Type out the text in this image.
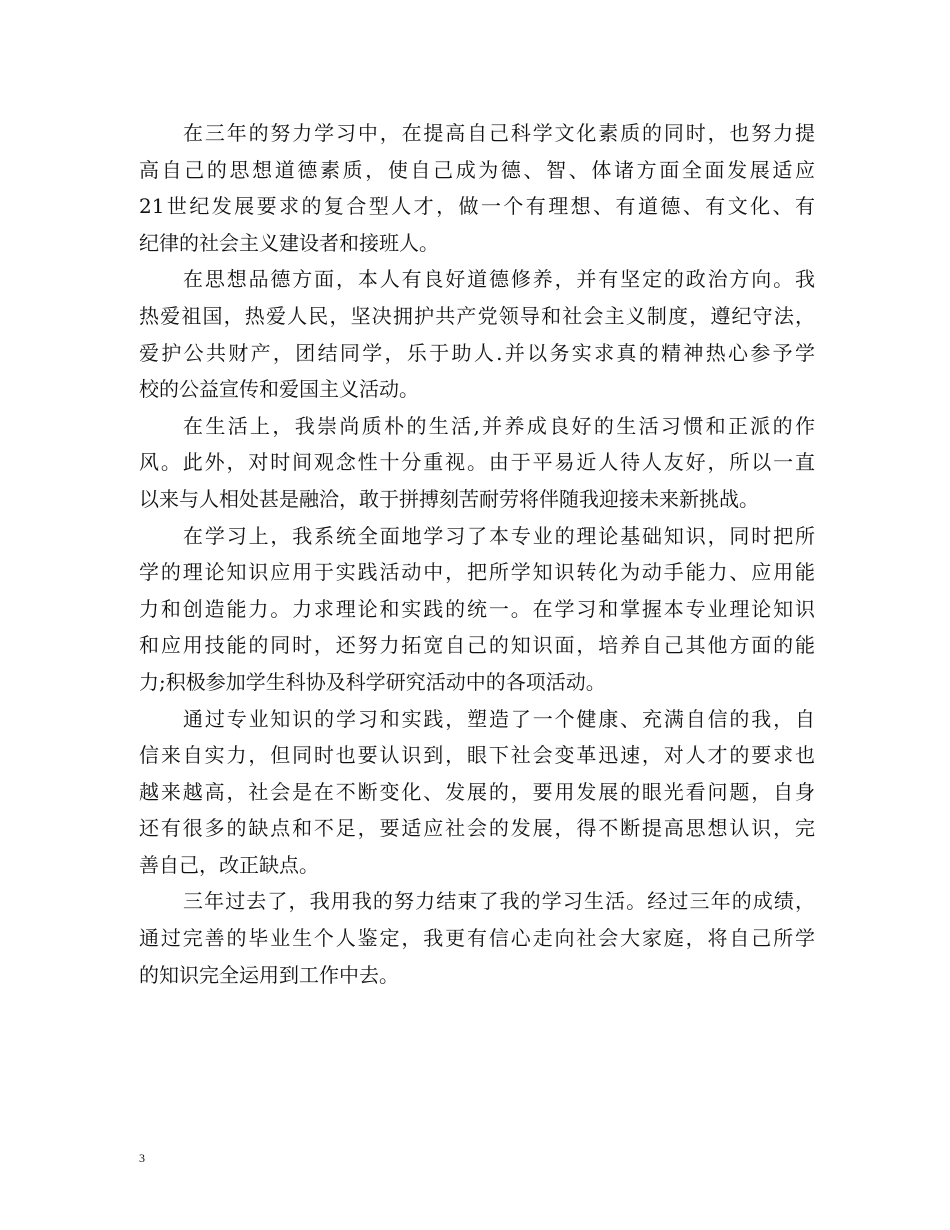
在三年的努力学习中，在提高自己科学文化素质的同时，也努力提
高自己的思想道德素质，使自己成为德、智、体诸方面全面发展适应
21世纪发展要求的复合型人才，做一个有理想、有道德、有文化、有
纪律的社会主义建设者和接班人。
在思想品德方面，本人有良好道德修养，并有坚定的政治方向。我
热爱祖国，热爱人民，坚决拥护共产党领导和社会主义制度，遵纪守法，
爱护公共财产，团结同学，乐于助人.并以务实求真的精神热心参予学
校的公益宣传和爱国主义活动。
在生活上，我崇尚质朴的生活,并养成良好的生活习惯和正派的作
风。此外，对时间观念性十分重视。由于平易近人待人友好，所以一直
以来与人相处甚是融洽，敢于拼搏刻苦耐劳将伴随我迎接未来新挑战。
在学习上，我系统全面地学习了本专业的理论基础知识，同时把所
学的理论知识应用于实践活动中，把所学知识转化为动手能力、应用能
力和创造能力。力求理论和实践的统一。在学习和掌握本专业理论知识
和应用技能的同时，还努力拓宽自己的知识面，培养自己其他方面的能
力;积极参加学生科协及科学研究活动中的各项活动。
通过专业知识的学习和实践，塑造了一个健康、充满自信的我，自
信来自实力，但同时也要认识到，眼下社会变革迅速，对人才的要求也
越来越高，社会是在不断变化、发展的，要用发展的眼光看问题，自身
还有很多的缺点和不足，要适应社会的发展，得不断提高思想认识，完
善自己，改正缺点。
三年过去了，我用我的努力结束了我的学习生活。经过三年的成绩，
通过完善的毕业生个人鉴定，我更有信心走向社会大家庭，将自己所学
的知识完全运用到工作中去。
3
